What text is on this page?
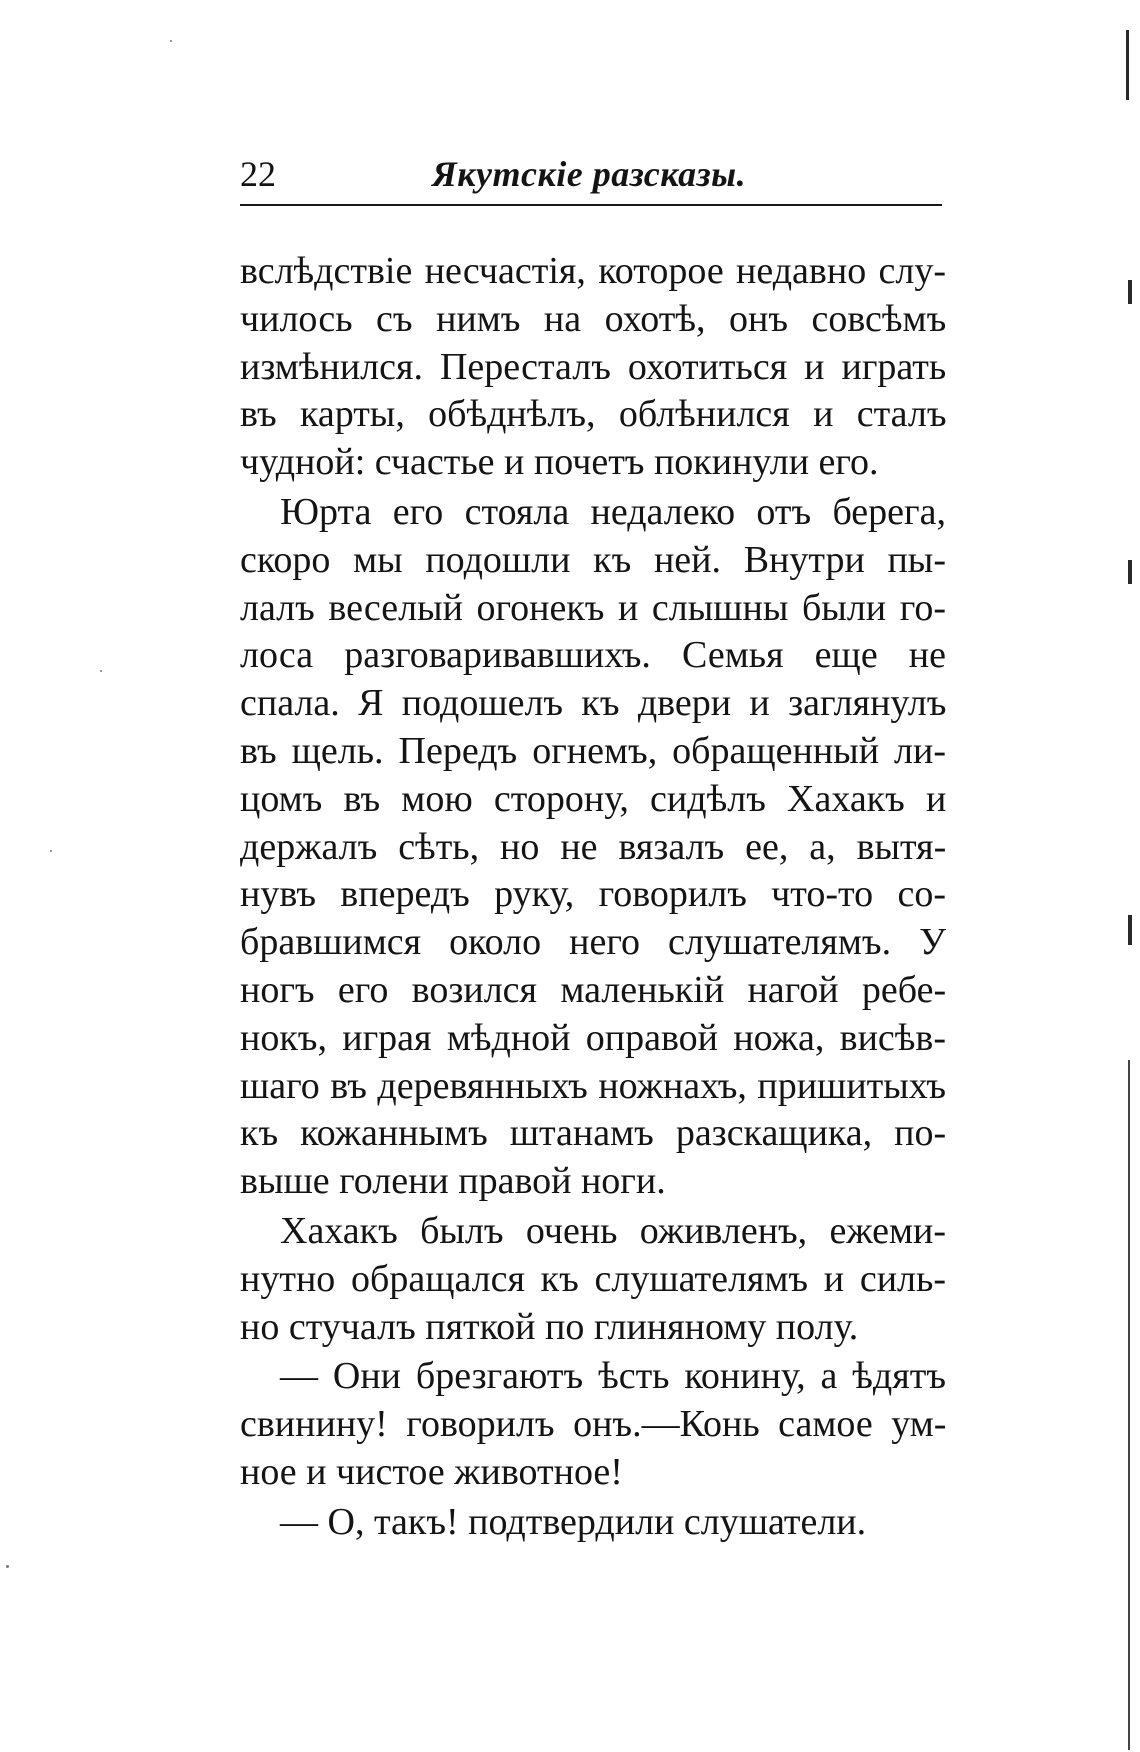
22	Якутскіе разсказы.
вслѣдствіе несчастія, которое недавно слу-
чилось съ нимъ на охотѣ, онъ совсѣмъ
измѣнился. Пересталъ охотиться и играть
въ карты, обѣднѣлъ, облѣнился и сталъ
чудной: счастье и почетъ покинули его.
Юрта его стояла недалеко отъ берега,
скоро мы подошли къ ней. Внутри пы-
лалъ веселый огонекъ и слышны были го-
лоса разговаривавшихъ. Семья еще не
спала. Я подошелъ къ двери и заглянулъ
въ щель. Передъ огнемъ, обращенный ли-
цомъ въ мою сторону, сидѣлъ Хахакъ и
держалъ сѣть, но не вязалъ ее, а, вытя-
нувъ впередъ руку, говорилъ что-то со-
бравшимся около него слушателямъ. У
ногъ его возился маленькій нагой ребе-
нокъ, играя мѣдной оправой ножа, висѣв-
шаго въ деревянныхъ ножнахъ, пришитыхъ
къ кожаннымъ штанамъ разскащика, по-
выше голени правой ноги.
Хахакъ былъ очень оживленъ, ежеми-
нутно обращался къ слушателямъ и силь-
но стучалъ пяткой по глиняному полу.
— Они брезгаютъ ѣсть конину, а ѣдятъ
свинину! говорилъ онъ.—Конь самое ум-
ное и чистое животное!
— О, такъ! подтвердили слушатели.
